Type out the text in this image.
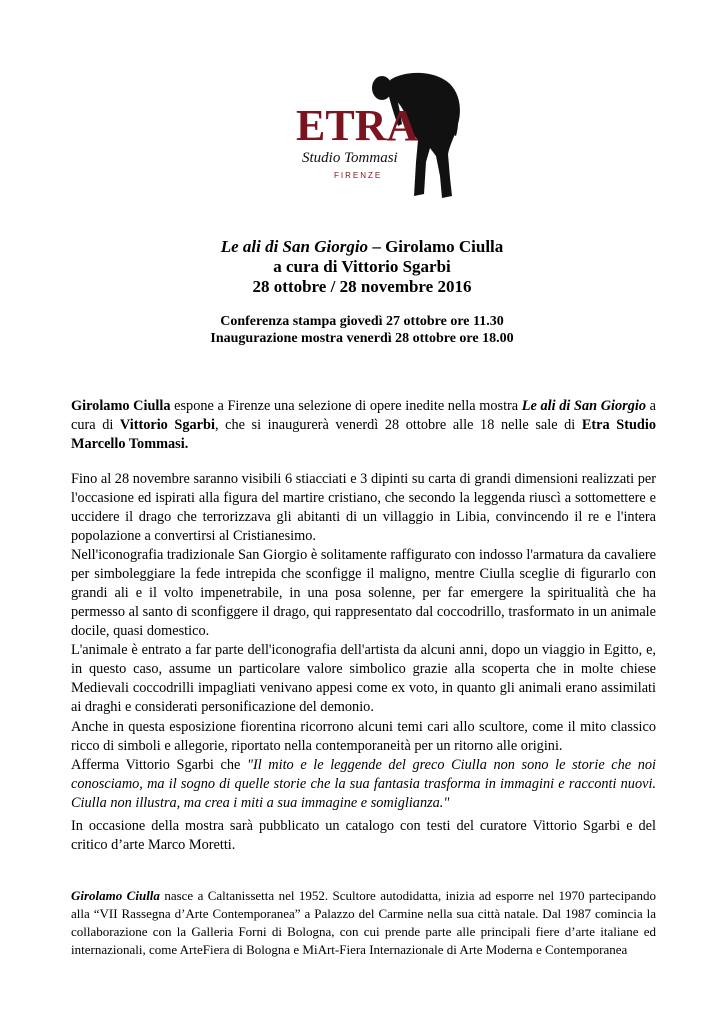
ETRA
Studio Tommasi
FIRENZE
Le ali di San Giorgio – Girolamo Ciulla
a cura di Vittorio Sgarbi
28 ottobre / 28 novembre 2016
Conferenza stampa giovedì 27 ottobre ore 11.30
Inaugurazione mostra venerdì 28 ottobre ore 18.00
Girolamo Ciulla espone a Firenze una selezione di opere inedite nella mostra Le ali di San Giorgio a cura di Vittorio Sgarbi, che si inaugurerà venerdì 28 ottobre alle 18 nelle sale di Etra Studio Marcello Tommasi.
Fino al 28 novembre saranno visibili 6 stiacciati e 3 dipinti su carta di grandi dimensioni realizzati per l'occasione ed ispirati alla figura del martire cristiano, che secondo la leggenda riuscì a sottomettere e uccidere il drago che terrorizzava gli abitanti di un villaggio in Libia, convincendo il re e l'intera popolazione a convertirsi al Cristianesimo.
Nell'iconografia tradizionale San Giorgio è solitamente raffigurato con indosso l'armatura da cavaliere per simboleggiare la fede intrepida che sconfigge il maligno, mentre Ciulla sceglie di figurarlo con grandi ali e il volto impenetrabile, in una posa solenne, per far emergere la spiritualità che ha permesso al santo di sconfiggere il drago, qui rappresentato dal coccodrillo, trasformato in un animale docile, quasi domestico.
L'animale è entrato a far parte dell'iconografia dell'artista da alcuni anni, dopo un viaggio in Egitto, e, in questo caso, assume un particolare valore simbolico grazie alla scoperta che in molte chiese Medievali coccodrilli impagliati venivano appesi come ex voto, in quanto gli animali erano assimilati ai draghi e considerati personificazione del demonio.
Anche in questa esposizione fiorentina ricorrono alcuni temi cari allo scultore, come il mito classico ricco di simboli e allegorie, riportato nella contemporaneità per un ritorno alle origini.
Afferma Vittorio Sgarbi che "Il mito e le leggende del greco Ciulla non sono le storie che noi conosciamo, ma il sogno di quelle storie che la sua fantasia trasforma in immagini e racconti nuovi. Ciulla non illustra, ma crea i miti a sua immagine e somiglianza."
In occasione della mostra sarà pubblicato un catalogo con testi del curatore Vittorio Sgarbi e del critico d’arte Marco Moretti.
Girolamo Ciulla nasce a Caltanissetta nel 1952. Scultore autodidatta, inizia ad esporre nel 1970 partecipando alla “VII Rassegna d’Arte Contemporanea” a Palazzo del Carmine nella sua città natale. Dal 1987 comincia la collaborazione con la Galleria Forni di Bologna, con cui prende parte alle principali fiere d’arte italiane ed internazionali, come ArteFiera di Bologna e MiArt-Fiera Internazionale di Arte Moderna e Contemporanea
